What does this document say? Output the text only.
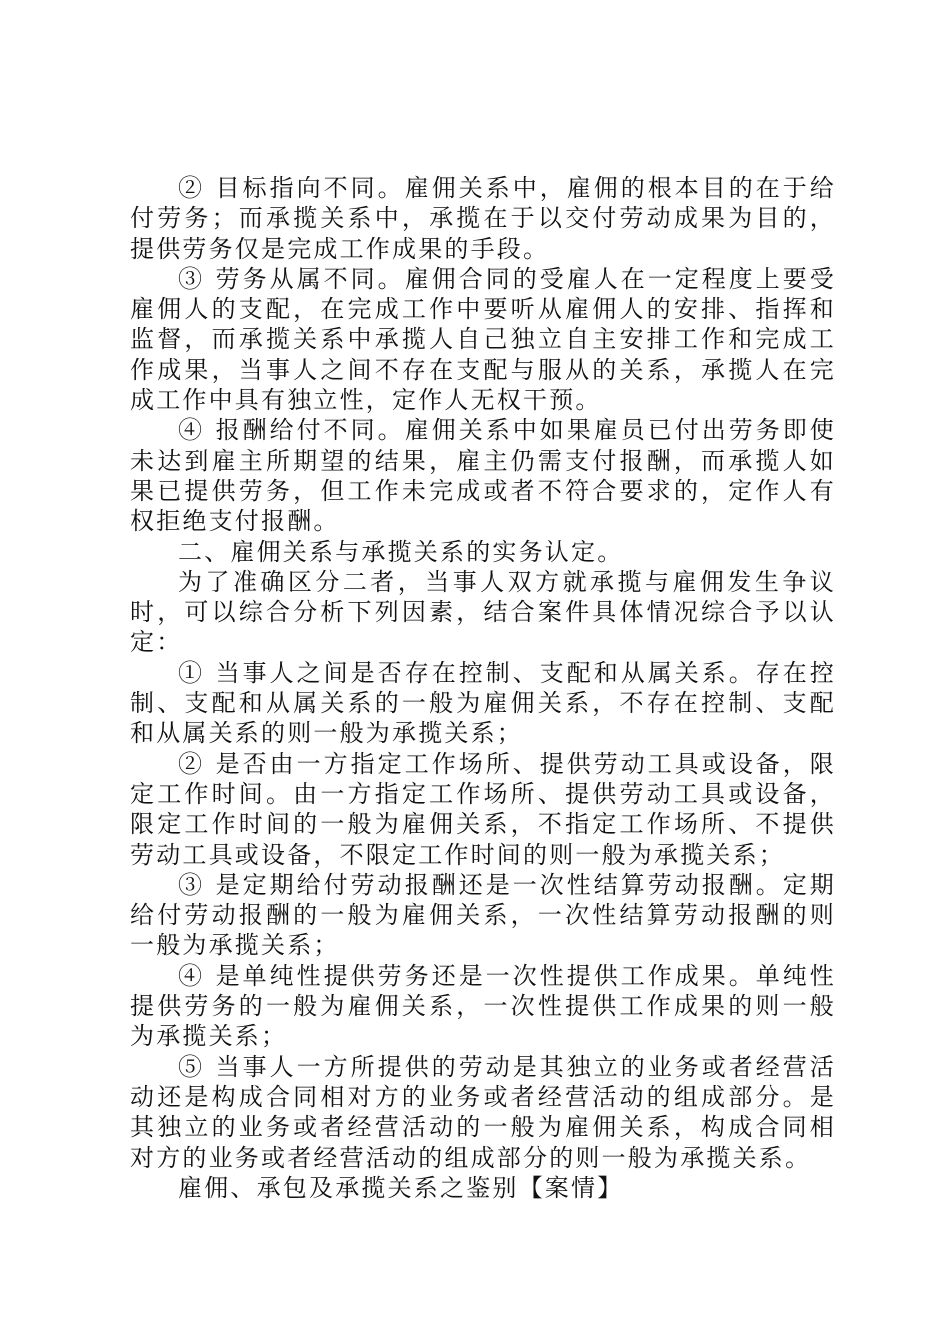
② 目标指向不同。雇佣关系中，雇佣的根本目的在于给付劳务；而承揽关系中，承揽在于以交付劳动成果为目的，提供劳务仅是完成工作成果的手段。

③ 劳务从属不同。雇佣合同的受雇人在一定程度上要受雇佣人的支配，在完成工作中要听从雇佣人的安排、指挥和监督，而承揽关系中承揽人自己独立自主安排工作和完成工作成果，当事人之间不存在支配与服从的关系，承揽人在完成工作中具有独立性，定作人无权干预。

④ 报酬给付不同。雇佣关系中如果雇员已付出劳务即使未达到雇主所期望的结果，雇主仍需支付报酬，而承揽人如果已提供劳务，但工作未完成或者不符合要求的，定作人有权拒绝支付报酬。

二、雇佣关系与承揽关系的实务认定。

为了准确区分二者，当事人双方就承揽与雇佣发生争议时，可以综合分析下列因素，结合案件具体情况综合予以认定：

① 当事人之间是否存在控制、支配和从属关系。存在控制、支配和从属关系的一般为雇佣关系，不存在控制、支配和从属关系的则一般为承揽关系；

② 是否由一方指定工作场所、提供劳动工具或设备，限定工作时间。由一方指定工作场所、提供劳动工具或设备，限定工作时间的一般为雇佣关系，不指定工作场所、不提供劳动工具或设备，不限定工作时间的则一般为承揽关系；

③ 是定期给付劳动报酬还是一次性结算劳动报酬。定期给付劳动报酬的一般为雇佣关系，一次性结算劳动报酬的则一般为承揽关系；

④ 是单纯性提供劳务还是一次性提供工作成果。单纯性提供劳务的一般为雇佣关系，一次性提供工作成果的则一般为承揽关系；

⑤ 当事人一方所提供的劳动是其独立的业务或者经营活动还是构成合同相对方的业务或者经营活动的组成部分。是其独立的业务或者经营活动的一般为雇佣关系，构成合同相对方的业务或者经营活动的组成部分的则一般为承揽关系。

雇佣、承包及承揽关系之鉴别【案情】
